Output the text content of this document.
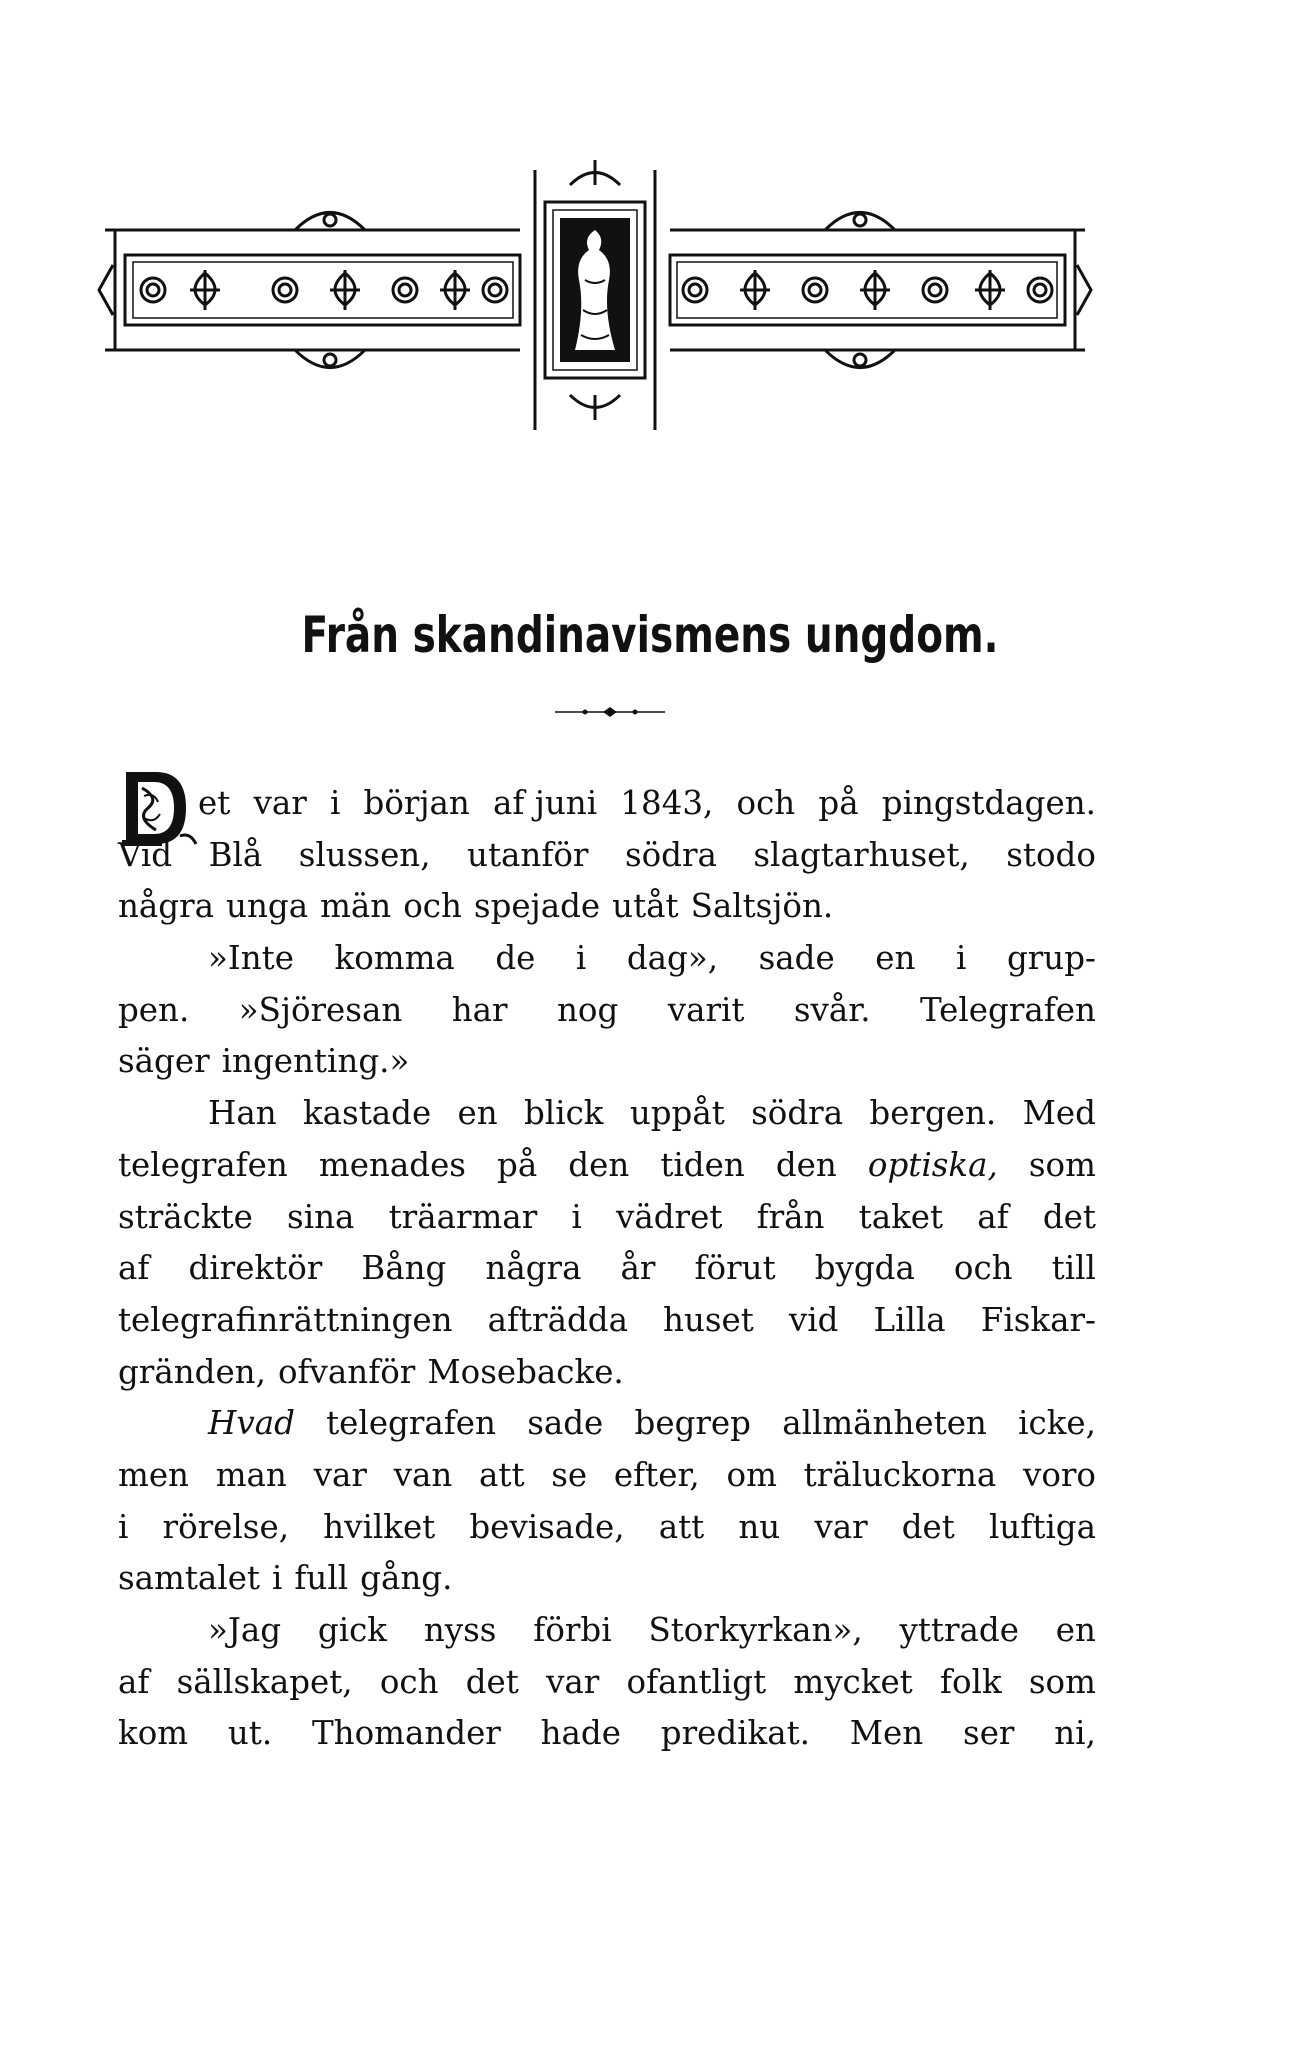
Från skandinavismens ungdom.
et var i början af juni 1843, och på pingstdagen.
Vid Blå slussen, utanför södra slagtarhuset, stodo
några unga män och spejade utåt Saltsjön.
»Inte komma de i dag», sade en i grup-
pen. »Sjöresan har nog varit svår. Telegrafen
säger ingenting.»
Han kastade en blick uppåt södra bergen. Med
telegrafen menades på den tiden den optiska, som
sträckte sina träarmar i vädret från taket af det
af direktör Bång några år förut bygda och till
telegrafinrättningen afträdda huset vid Lilla Fiskar-
gränden, ofvanför Mosebacke.
Hvad telegrafen sade begrep allmänheten icke,
men man var van att se efter, om träluckorna voro
i rörelse, hvilket bevisade, att nu var det luftiga
samtalet i full gång.
»Jag gick nyss förbi Storkyrkan», yttrade en
af sällskapet, och det var ofantligt mycket folk som
kom ut. Thomander hade predikat. Men ser ni,
